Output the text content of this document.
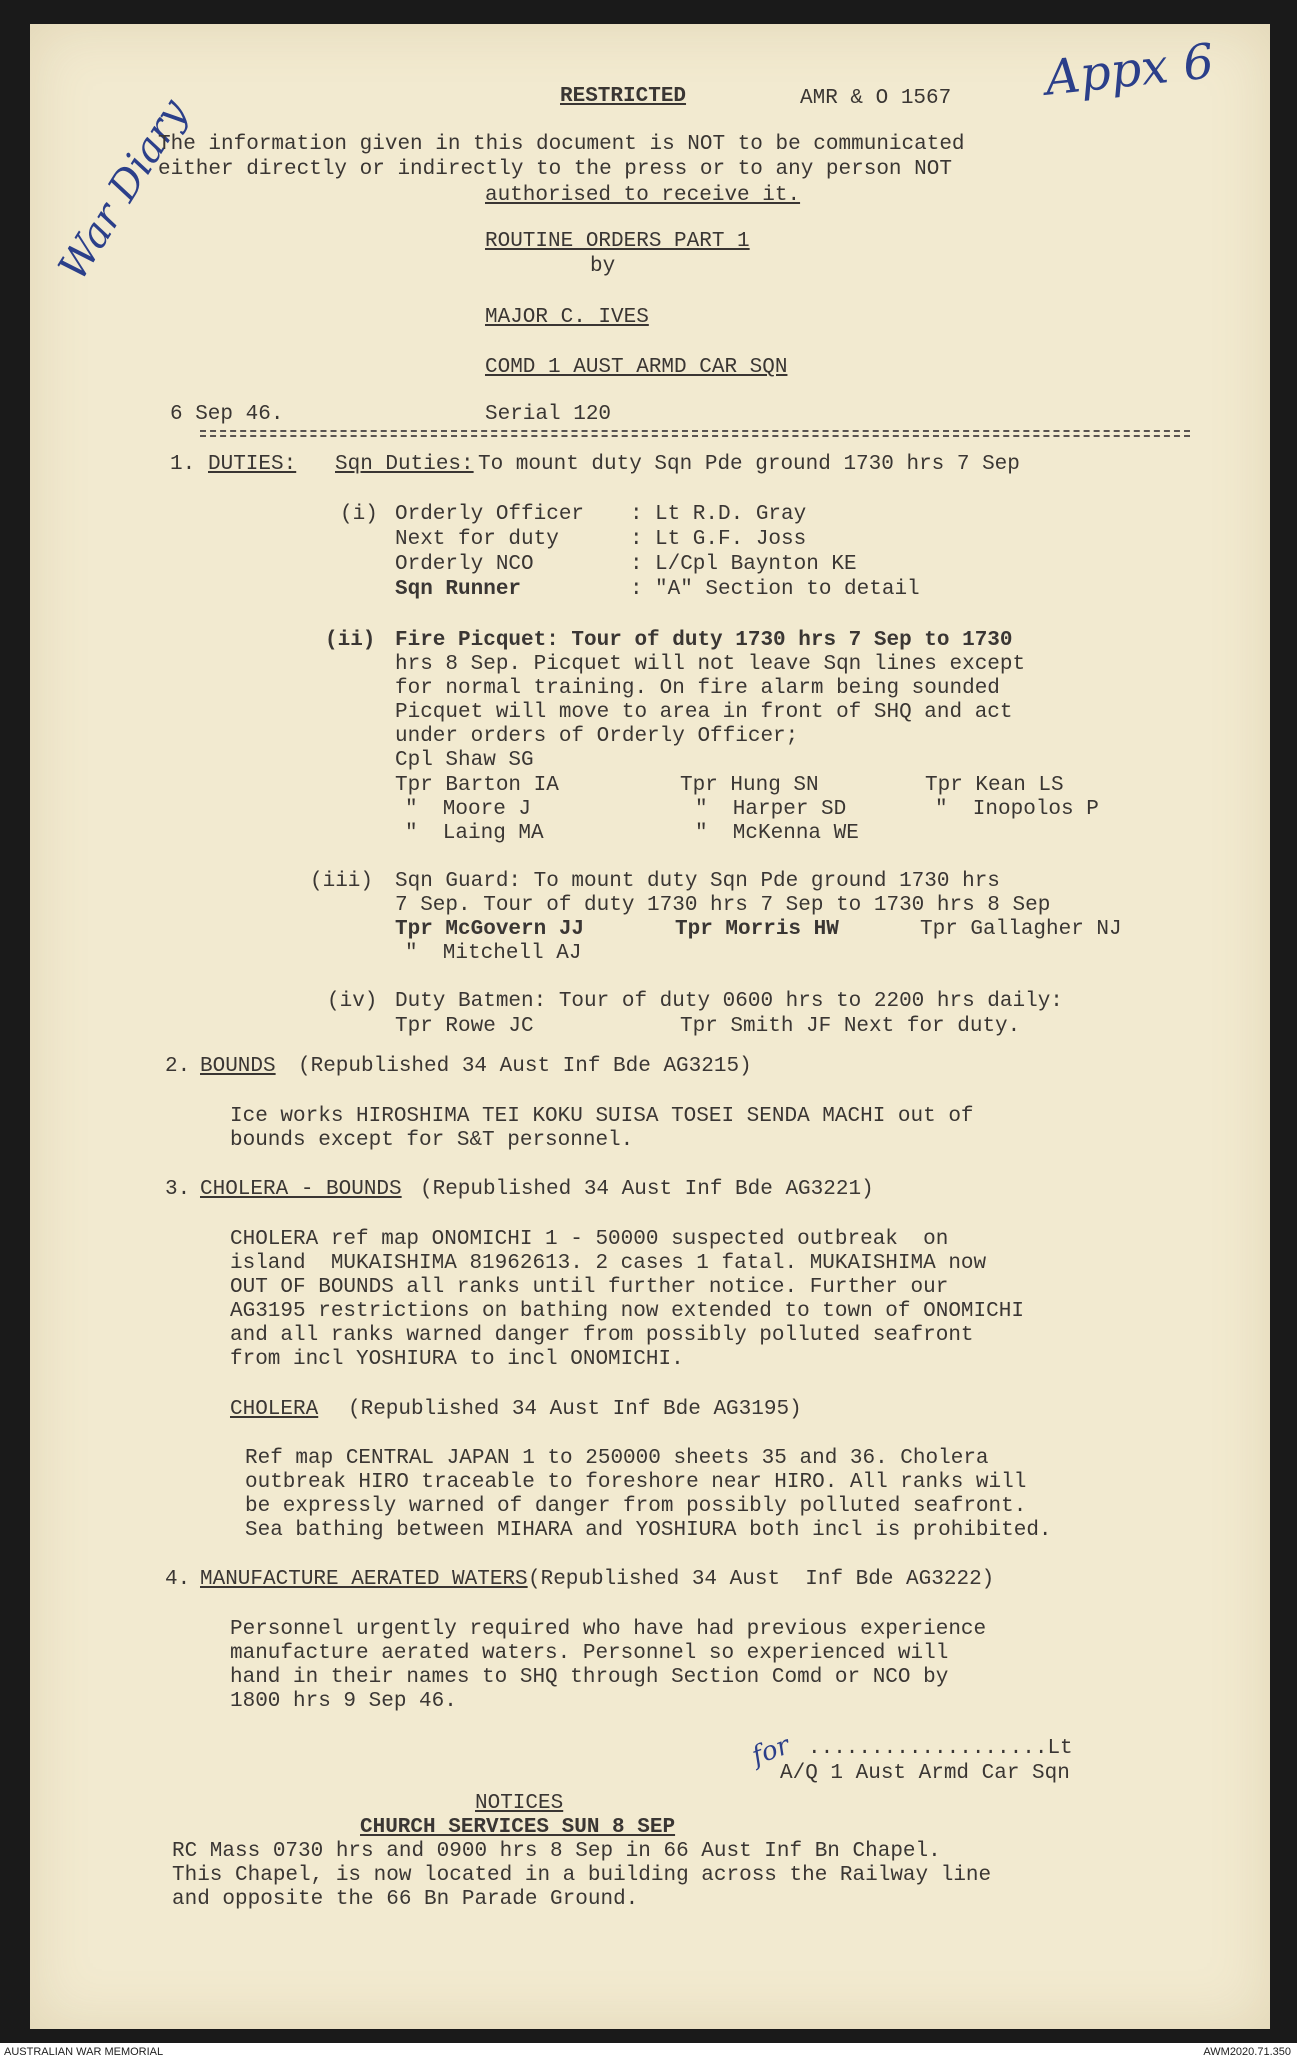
Appx 6
War Diary	RESTRICTED	AMR & O 1567
The information given in this document is NOT to be communicated
either directly or indirectly to the press or to any person NOT
authorised to receive it.
ROUTINE ORDERS PART 1
by
MAJOR C. IVES
COMD 1 AUST ARMD CAR SQN
6 Sep 46.	Serial 120
1. DUTIES: Sqn Duties: To mount duty Sqn Pde ground 1730 hrs 7 Sep
(i) Orderly Officer : Lt R.D. Gray
Next for duty	: Lt G.F. Joss
Orderly NCO	: L/Cpl Baynton KE
Sqn Runner	: "A" Section to detail
(ii) Fire Picquet: Tour of duty 1730 hrs 7 Sep to 1730
hrs 8 Sep. Picquet will not leave Sqn lines except
for normal training. On fire alarm being sounded
Picquet will move to area in front of SHQ and act
under orders of Orderly Officer;
Cpl Shaw SG
Tpr Barton IA	Tpr Hung SN	Tpr Kean LS
"  Moore J	"  Harper SD	"  Inopolos P
"  Laing MA	"  McKenna WE
(iii) Sqn Guard: To mount duty Sqn Pde ground 1730 hrs
7 Sep. Tour of duty 1730 hrs 7 Sep to 1730 hrs 8 Sep
Tpr McGovern JJ	Tpr Morris HW	Tpr Gallagher NJ
"  Mitchell AJ
(iv) Duty Batmen: Tour of duty 0600 hrs to 2200 hrs daily:
Tpr Rowe JC	Tpr Smith JF Next for duty.
2. BOUNDS (Republished 34 Aust Inf Bde AG3215)
Ice works HIROSHIMA TEI KOKU SUISA TOSEI SENDA MACHI out of
bounds except for S&T personnel.
3. CHOLERA - BOUNDS (Republished 34 Aust Inf Bde AG3221)
CHOLERA ref map ONOMICHI 1 - 50000 suspected outbreak  on
island  MUKAISHIMA 81962613. 2 cases 1 fatal. MUKAISHIMA now
OUT OF BOUNDS all ranks until further notice. Further our
AG3195 restrictions on bathing now extended to town of ONOMICHI
and all ranks warned danger from possibly polluted seafront
from incl YOSHIURA to incl ONOMICHI.
CHOLERA (Republished 34 Aust Inf Bde AG3195)
Ref map CENTRAL JAPAN 1 to 250000 sheets 35 and 36. Cholera
outbreak HIRO traceable to foreshore near HIRO. All ranks will
be expressly warned of danger from possibly polluted seafront.
Sea bathing between MIHARA and YOSHIURA both incl is prohibited.
4. MANUFACTURE AERATED WATERS (Republished 34 Aust  Inf Bde AG3222)
Personnel urgently required who have had previous experience
manufacture aerated waters. Personnel so experienced will
hand in their names to SHQ through Section Comd or NCO by
1800 hrs 9 Sep 46.
for ...................Lt
A/Q 1 Aust Armd Car Sqn
NOTICES
CHURCH SERVICES SUN 8 SEP
RC Mass 0730 hrs and 0900 hrs 8 Sep in 66 Aust Inf Bn Chapel.
This Chapel, is now located in a building across the Railway line
and opposite the 66 Bn Parade Ground.
AUSTRALIAN WAR MEMORIAL	AWM2020.71.350
